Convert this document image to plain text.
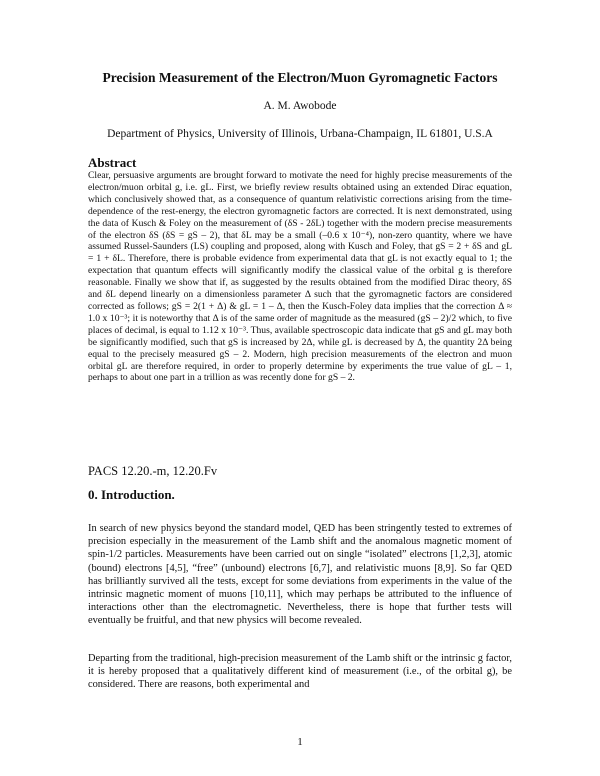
Precision Measurement of the Electron/Muon Gyromagnetic Factors
A. M. Awobode
Department of Physics, University of Illinois, Urbana-Champaign, IL 61801, U.S.A
Abstract

Clear, persuasive arguments are brought forward to motivate the need for highly precise measurements of the electron/muon orbital g, i.e. gL. First, we briefly review results obtained using an extended Dirac equation, which conclusively showed that, as a consequence of quantum relativistic corrections arising from the time-dependence of the rest-energy, the electron gyromagnetic factors are corrected. It is next demonstrated, using the data of Kusch & Foley on the measurement of (δS - 2δL) together with the modern precise measurements of the electron δS (δS = gS – 2), that δL may be a small (–0.6 x 10⁻⁴), non-zero quantity, where we have assumed Russel-Saunders (LS) coupling and proposed, along with Kusch and Foley, that gS = 2 + δS and gL = 1 + δL. Therefore, there is probable evidence from experimental data that gL is not exactly equal to 1; the expectation that quantum effects will significantly modify the classical value of the orbital g is therefore reasonable. Finally we show that if, as suggested by the results obtained from the modified Dirac theory, δS and δL depend linearly on a dimensionless parameter Δ such that the gyromagnetic factors are considered corrected as follows; gS = 2(1 + Δ) & gL = 1 – Δ, then the Kusch-Foley data implies that the correction Δ ≈ 1.0 x 10⁻³; it is noteworthy that Δ is of the same order of magnitude as the measured (gS – 2)/2 which, to five places of decimal, is equal to 1.12 x 10⁻³. Thus, available spectroscopic data indicate that gS and gL may both be significantly modified, such that gS is increased by 2Δ, while gL is decreased by Δ, the quantity 2Δ being equal to the precisely measured gS – 2. Modern, high precision measurements of the electron and muon orbital gL are therefore required, in order to properly determine by experiments the true value of gL – 1, perhaps to about one part in a trillion as was recently done for gS – 2.

PACS 12.20.-m, 12.20.Fv
0. Introduction.

In search of new physics beyond the standard model, QED has been stringently tested to extremes of precision especially in the measurement of the Lamb shift and the anomalous magnetic moment of spin-1/2 particles. Measurements have been carried out on single “isolated” electrons [1,2,3], atomic (bound) electrons [4,5], “free” (unbound) electrons [6,7], and relativistic muons [8,9]. So far QED has brilliantly survived all the tests, except for some deviations from experiments in the value of the intrinsic magnetic moment of muons [10,11], which may perhaps be attributed to the influence of interactions other than the electromagnetic. Nevertheless, there is hope that further tests will eventually be fruitful, and that new physics will become revealed.

Departing from the traditional, high-precision measurement of the Lamb shift or the intrinsic g factor, it is hereby proposed that a qualitatively different kind of measurement (i.e., of the orbital g), be considered. There are reasons, both experimental and

1
